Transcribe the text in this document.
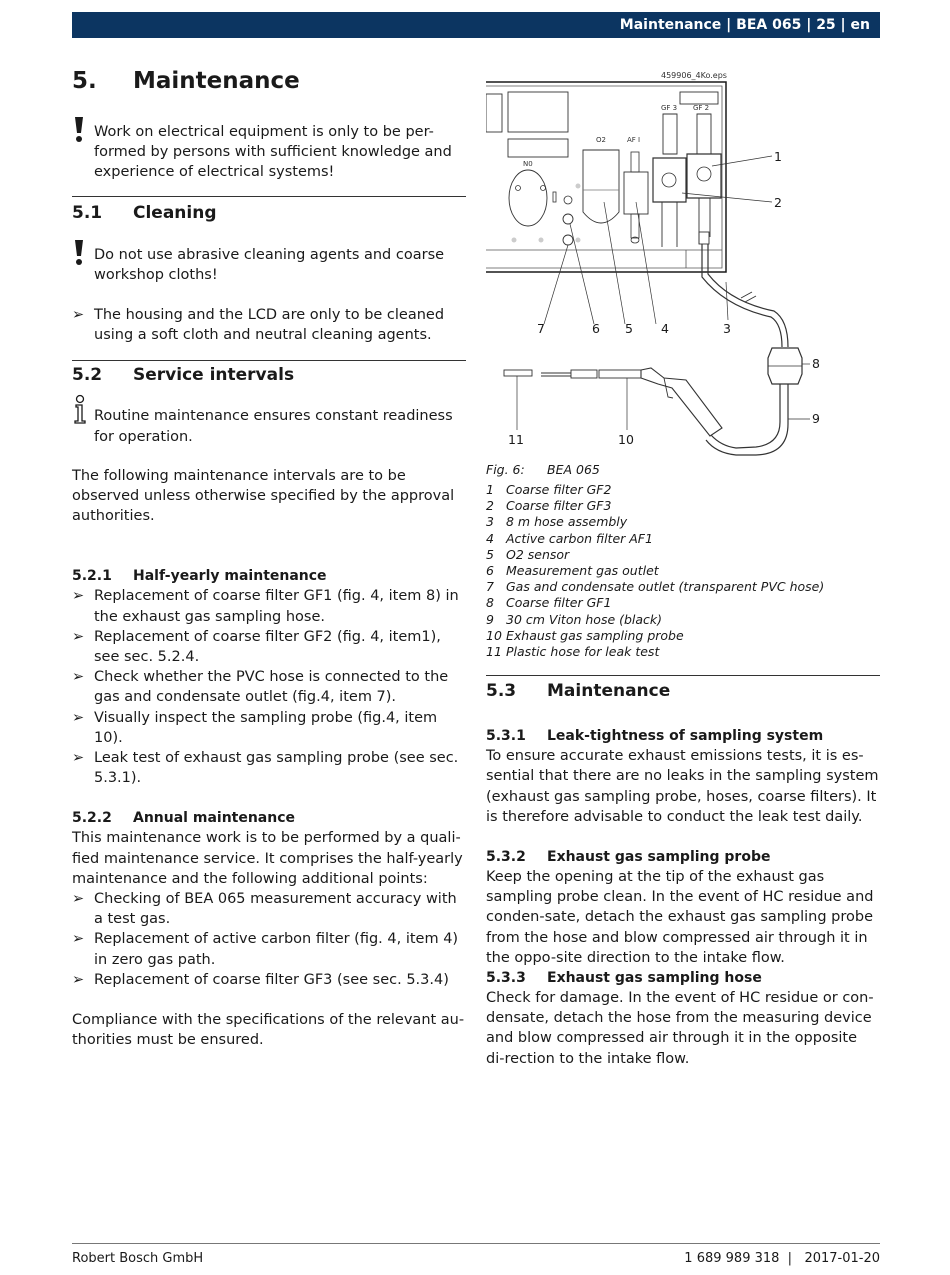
Maintenance | BEA 065 | 25 | en
5. Maintenance
Work on electrical equipment is only to be per-formed by persons with sufficient knowledge and experience of electrical systems!
5.1 Cleaning
Do not use abrasive cleaning agents and coarse workshop cloths!
➢ The housing and the LCD are only to be cleaned using a soft cloth and neutral cleaning agents.
5.2 Service intervals
Routine maintenance ensures constant readiness for operation.
The following maintenance intervals are to be observed unless otherwise specified by the approval authorities.
5.2.1 Half-yearly maintenance
➢ Replacement of coarse filter GF1 (fig. 4, item 8) in the exhaust gas sampling hose.
➢ Replacement of coarse filter GF2 (fig. 4, item1), see sec. 5.2.4.
➢ Check whether the PVC hose is connected to the gas and condensate outlet (fig.4, item 7).
➢ Visually inspect the sampling probe (fig.4, item 10).
➢ Leak test of exhaust gas sampling probe (see sec. 5.3.1).
5.2.2 Annual maintenance
This maintenance work is to be performed by a quali-fied maintenance service. It comprises the half-yearly maintenance and the following additional points:
➢ Checking of BEA 065 measurement accuracy with a test gas.
➢ Replacement of active carbon filter (fig. 4, item 4) in zero gas path.
➢ Replacement of coarse filter GF3 (see sec. 5.3.4)
Compliance with the specifications of the relevant au-thorities must be ensured.
459906_4Ko.eps
N0
O2	AF I
GF 3 GF 2
1
2
3
4
5
6
7
8
9
10
11
Fig. 6: BEA 065
1 Coarse filter GF2
2 Coarse filter GF3
3 8 m hose assembly
4 Active carbon filter AF1
5 O2 sensor
6 Measurement gas outlet
7 Gas and condensate outlet (transparent PVC hose)
8 Coarse filter GF1
9 30 cm Viton hose (black)
10 Exhaust gas sampling probe
11 Plastic hose for leak test
5.3 Maintenance
5.3.1 Leak-tightness of sampling system
To ensure accurate exhaust emissions tests, it is es-sential that there are no leaks in the sampling system (exhaust gas sampling probe, hoses, coarse filters). It is therefore advisable to conduct the leak test daily.
5.3.2 Exhaust gas sampling probe
Keep the opening at the tip of the exhaust gas sampling probe clean. In the event of HC residue and conden-sate, detach the exhaust gas sampling probe from the hose and blow compressed air through it in the oppo-site direction to the intake flow.
5.3.3 Exhaust gas sampling hose
Check for damage. In the event of HC residue or con-densate, detach the hose from the measuring device and blow compressed air through it in the opposite di-rection to the intake flow.
Robert Bosch GmbH	1 689 989 318  |   2017-01-20
